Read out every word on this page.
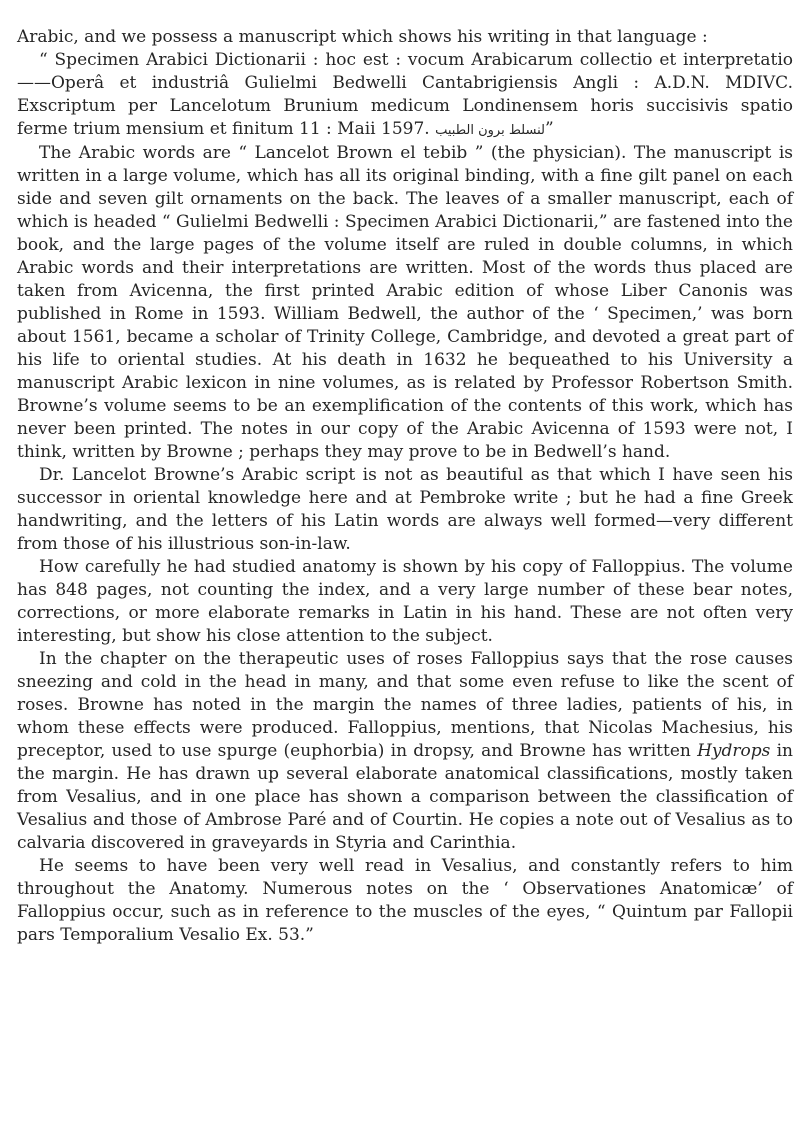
Arabic, and we possess a manuscript which shows his writing in that language :

“ Specimen Arabici Dictionarii : hoc est : vocum Arabicarum collectio et interpretatio——Operâ et industriâ Gulielmi Bedwelli Cantabrigiensis Angli : A.D.N. MDIVC. Exscriptum per Lancelotum Brunium medicum Londinensem horis succisivis spatio ferme trium mensium et finitum 11 : Maii 1597. ﻟﻨﺴﻠﻂ ﺑﺮﻭﻥ ﺍﻟﻄﺒﻴﺐ”

The Arabic words are “ Lancelot Brown el tebib ” (the physician). The manuscript is written in a large volume, which has all its original binding, with a fine gilt panel on each side and seven gilt ornaments on the back. The leaves of a smaller manuscript, each of which is headed “ Gulielmi Bedwelli : Specimen Arabici Dictionarii,” are fastened into the book, and the large pages of the volume itself are ruled in double columns, in which Arabic words and their interpretations are written. Most of the words thus placed are taken from Avicenna, the first printed Arabic edition of whose Liber Canonis was published in Rome in 1593. William Bedwell, the author of the ‘ Specimen,’ was born about 1561, became a scholar of Trinity College, Cambridge, and devoted a great part of his life to oriental studies. At his death in 1632 he bequeathed to his University a manuscript Arabic lexicon in nine volumes, as is related by Professor Robertson Smith. Browne’s volume seems to be an exemplification of the contents of this work, which has never been printed. The notes in our copy of the Arabic Avicenna of 1593 were not, I think, written by Browne ; perhaps they may prove to be in Bedwell’s hand.

Dr. Lancelot Browne’s Arabic script is not as beautiful as that which I have seen his successor in oriental knowledge here and at Pembroke write ; but he had a fine Greek handwriting, and the letters of his Latin words are always well formed—very different from those of his illustrious son-in-law.

How carefully he had studied anatomy is shown by his copy of Falloppius. The volume has 848 pages, not counting the index, and a very large number of these bear notes, corrections, or more elaborate remarks in Latin in his hand. These are not often very interesting, but show his close attention to the subject.

In the chapter on the therapeutic uses of roses Falloppius says that the rose causes sneezing and cold in the head in many, and that some even refuse to like the scent of roses. Browne has noted in the margin the names of three ladies, patients of his, in whom these effects were produced. Falloppius, mentions, that Nicolas Machesius, his preceptor, used to use spurge (euphorbia) in dropsy, and Browne has written Hydrops in the margin. He has drawn up several elaborate anatomical classifications, mostly taken from Vesalius, and in one place has shown a comparison between the classification of Vesalius and those of Ambrose Paré and of Courtin. He copies a note out of Vesalius as to calvaria discovered in graveyards in Styria and Carinthia.

He seems to have been very well read in Vesalius, and constantly refers to him throughout the Anatomy. Numerous notes on the ‘ Observationes Anatomicæ’ of Falloppius occur, such as in reference to the muscles of the eyes, “ Quintum par Fallopii pars Temporalium Vesalio Ex. 53.”
